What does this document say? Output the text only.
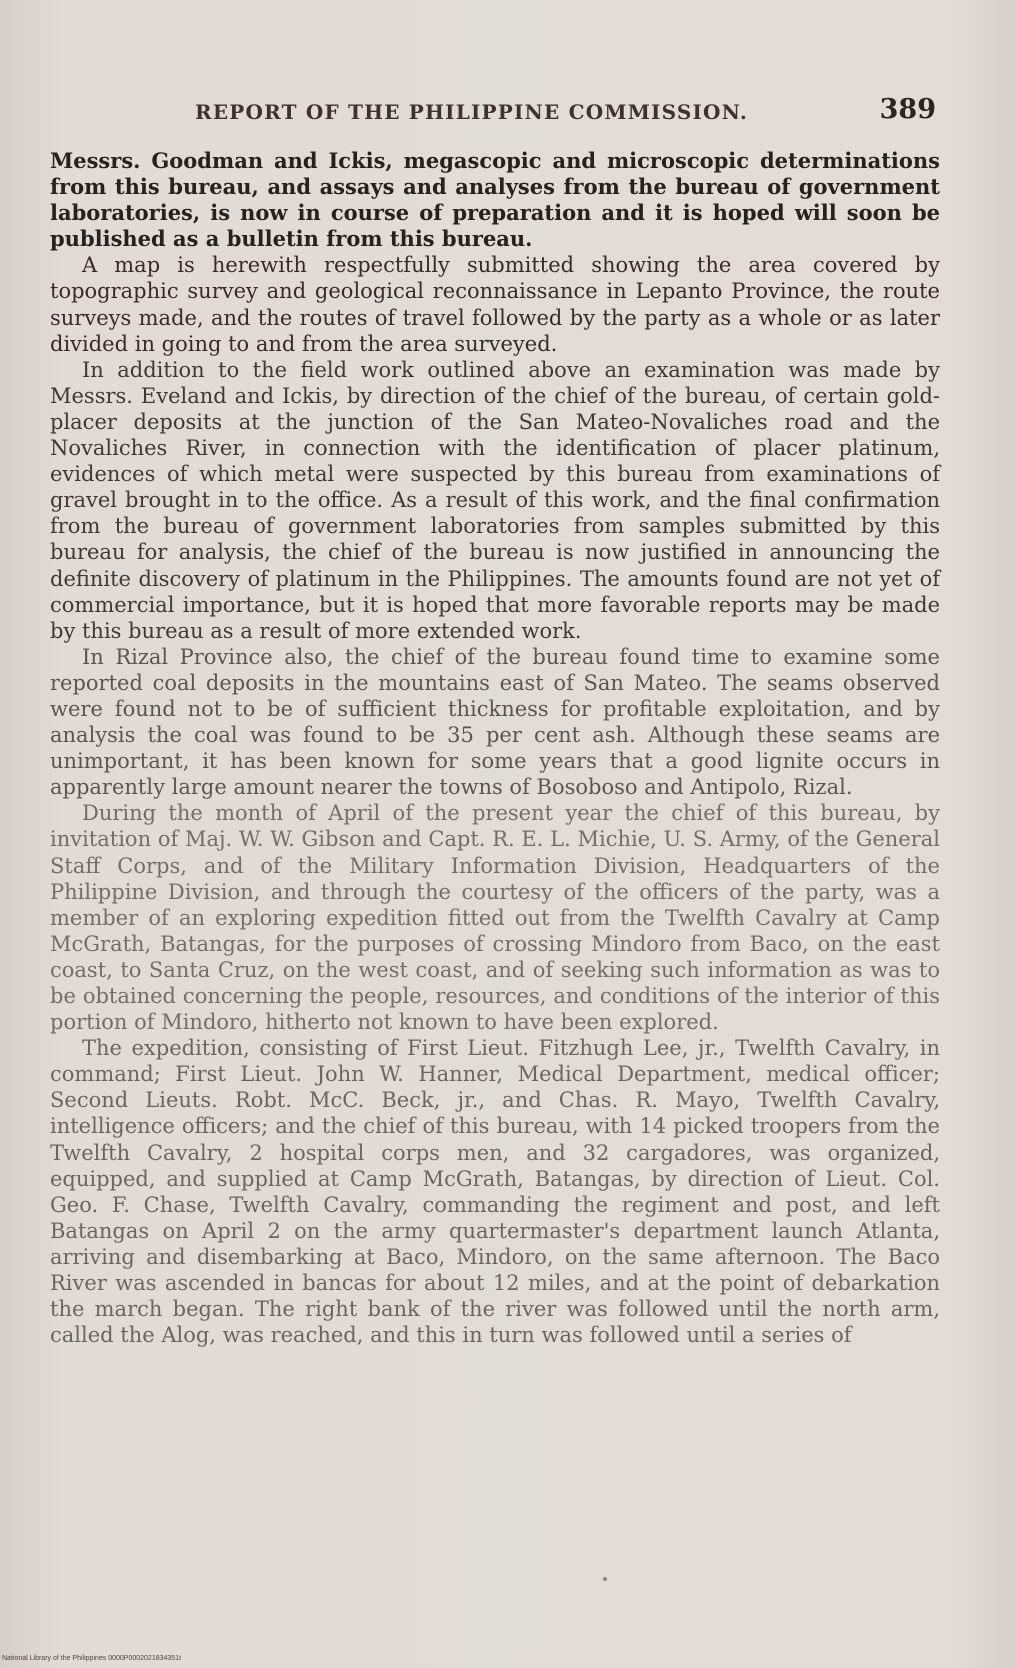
REPORT OF THE PHILIPPINE COMMISSION.	389

Messrs. Goodman and Ickis, megascopic and microscopic determinations from this bureau, and assays and analyses from the bureau of government laboratories, is now in course of preparation and it is hoped will soon be published as a bulletin from this bureau.

A map is herewith respectfully submitted showing the area covered by topographic survey and geological reconnaissance in Lepanto Province, the route surveys made, and the routes of travel followed by the party as a whole or as later divided in going to and from the area surveyed.

In addition to the field work outlined above an examination was made by Messrs. Eveland and Ickis, by direction of the chief of the bureau, of certain gold-placer deposits at the junction of the San Mateo-Novaliches road and the Novaliches River, in connection with the identification of placer platinum, evidences of which metal were suspected by this bureau from examinations of gravel brought in to the office. As a result of this work, and the final confirmation from the bureau of government laboratories from samples submitted by this bureau for analysis, the chief of the bureau is now justified in announcing the definite discovery of platinum in the Philippines. The amounts found are not yet of commercial importance, but it is hoped that more favorable reports may be made by this bureau as a result of more extended work.

In Rizal Province also, the chief of the bureau found time to examine some reported coal deposits in the mountains east of San Mateo. The seams observed were found not to be of sufficient thickness for profitable exploitation, and by analysis the coal was found to be 35 per cent ash. Although these seams are unimportant, it has been known for some years that a good lignite occurs in apparently large amount nearer the towns of Bosoboso and Antipolo, Rizal.

During the month of April of the present year the chief of this bureau, by invitation of Maj. W. W. Gibson and Capt. R. E. L. Michie, U. S. Army, of the General Staff Corps, and of the Military Information Division, Headquarters of the Philippine Division, and through the courtesy of the officers of the party, was a member of an exploring expedition fitted out from the Twelfth Cavalry at Camp McGrath, Batangas, for the purposes of crossing Mindoro from Baco, on the east coast, to Santa Cruz, on the west coast, and of seeking such information as was to be obtained concerning the people, resources, and conditions of the interior of this portion of Mindoro, hitherto not known to have been explored.

The expedition, consisting of First Lieut. Fitzhugh Lee, jr., Twelfth Cavalry, in command; First Lieut. John W. Hanner, Medical Department, medical officer; Second Lieuts. Robt. McC. Beck, jr., and Chas. R. Mayo, Twelfth Cavalry, intelligence officers; and the chief of this bureau, with 14 picked troopers from the Twelfth Cavalry, 2 hospital corps men, and 32 cargadores, was organized, equipped, and supplied at Camp McGrath, Batangas, by direction of Lieut. Col. Geo. F. Chase, Twelfth Cavalry, commanding the regiment and post, and left Batangas on April 2 on the army quartermaster's department launch Atlanta, arriving and disembarking at Baco, Mindoro, on the same afternoon. The Baco River was ascended in bancas for about 12 miles, and at the point of debarkation the march began. The right bank of the river was followed until the north arm, called the Alog, was reached, and this in turn was followed until a series of

National Library of the Philippines 0000P0002021834351t
